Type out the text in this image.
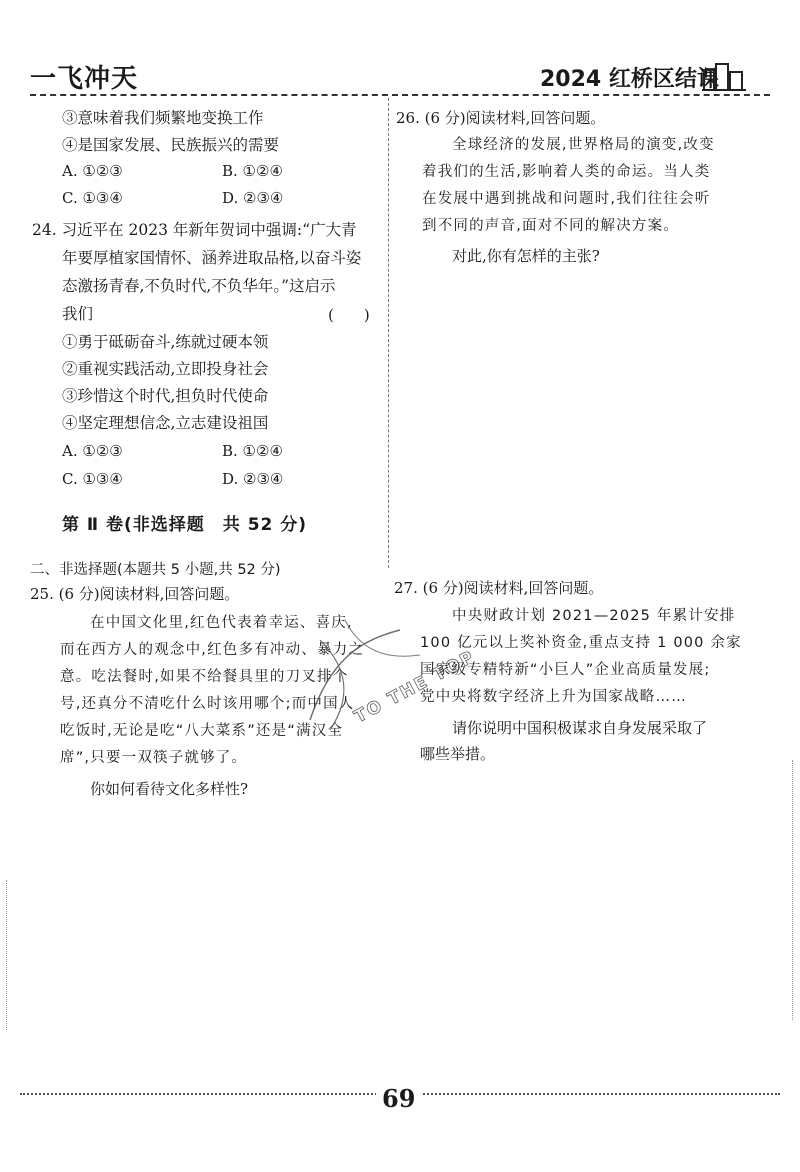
一飞冲天	2024 红桥区结课
③意味着我们频繁地变换工作
④是国家发展、民族振兴的需要
A. ①②③	B. ①②④
C. ①③④	D. ②③④
24. 习近平在 2023 年新年贺词中强调:“广大青
年要厚植家国情怀、涵养进取品格,以奋斗姿
态激扬青春,不负时代,不负华年。”这启示
我们	(　　)
①勇于砥砺奋斗,练就过硬本领
②重视实践活动,立即投身社会
③珍惜这个时代,担负时代使命
④坚定理想信念,立志建设祖国
A. ①②③	B. ①②④
C. ①③④	D. ②③④
第 Ⅱ 卷(非选择题　共 52 分)
二、非选择题(本题共 5 小题,共 52 分)
25. (6 分)阅读材料,回答问题。
在中国文化里,红色代表着幸运、喜庆,
而在西方人的观念中,红色多有冲动、暴力之
意。吃法餐时,如果不给餐具里的刀叉排个
号,还真分不清吃什么时该用哪个;而中国人
吃饭时,无论是吃“八大菜系”还是“满汉全
席”,只要一双筷子就够了。
你如何看待文化多样性?
26. (6 分)阅读材料,回答问题。
全球经济的发展,世界格局的演变,改变
着我们的生活,影响着人类的命运。当人类
在发展中遇到挑战和问题时,我们往往会听
到不同的声音,面对不同的解决方案。
对此,你有怎样的主张?
27. (6 分)阅读材料,回答问题。
中央财政计划 2021—2025 年累计安排
100 亿元以上奖补资金,重点支持 1 000 余家
国家级专精特新“小巨人”企业高质量发展;
党中央将数字经济上升为国家战略……
请你说明中国积极谋求自身发展采取了
哪些举措。
TO THE TOP
69
